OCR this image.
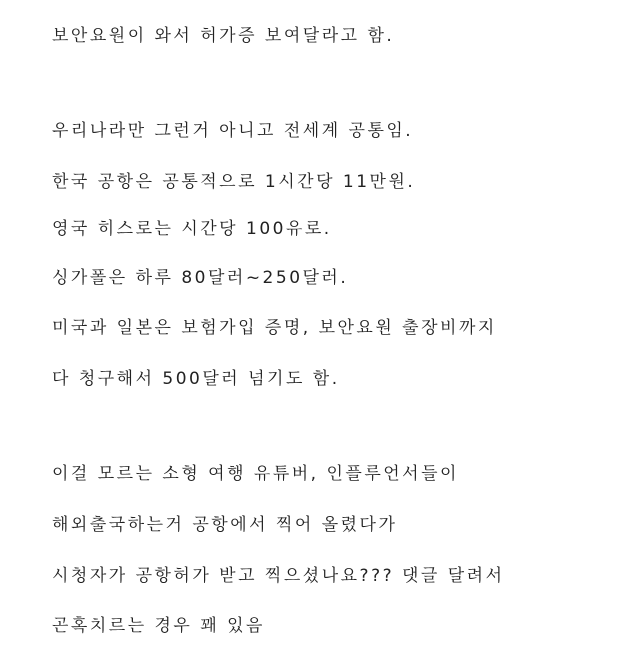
보안요원이 와서 허가증 보여달라고 함.

우리나라만 그런거 아니고 전세계 공통임.

한국 공항은 공통적으로 1시간당 11만원.

영국 히스로는 시간당 100유로.

싱가폴은 하루 80달러~250달러.

미국과 일본은 보험가입 증명, 보안요원 출장비까지

다 청구해서 500달러 넘기도 함.

이걸 모르는 소형 여행 유튜버, 인플루언서들이

해외출국하는거 공항에서 찍어 올렸다가

시청자가 공항허가 받고 찍으셨나요??? 댓글 달려서

곤혹치르는 경우 꽤 있음
